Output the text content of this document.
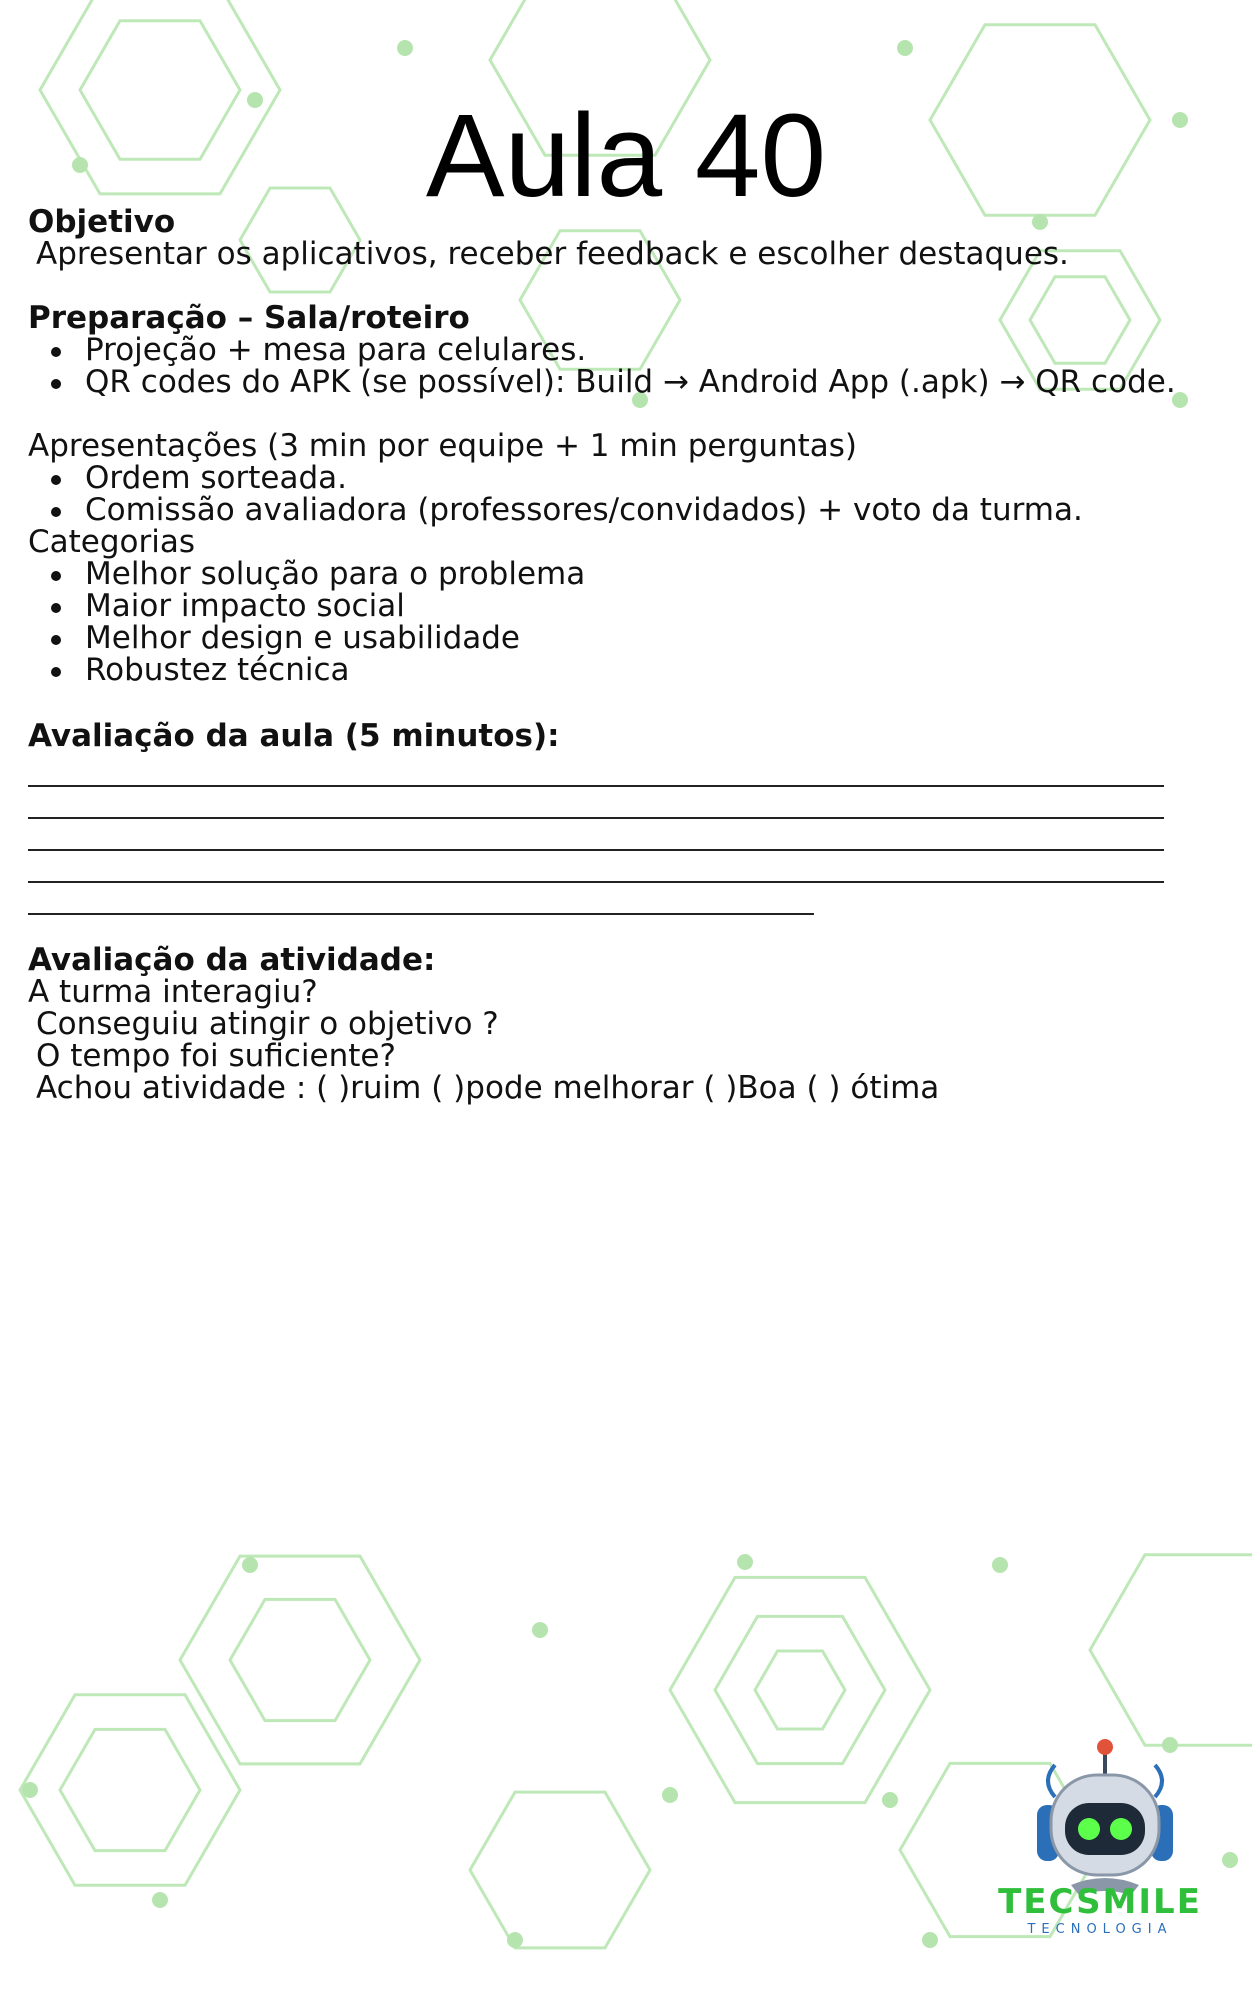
Aula 40
Objetivo
Apresentar os aplicativos, receber feedback e escolher destaques.
Preparação – Sala/roteiro
Projeção + mesa para celulares.
QR codes do APK (se possível): Build → Android App (.apk) → QR code.
Apresentações (3 min por equipe + 1 min perguntas)
Ordem sorteada.
Comissão avaliadora (professores/convidados) + voto da turma.
Categorias
Melhor solução para o problema
Maior impacto social
Melhor design e usabilidade
Robustez técnica
Avaliação da aula (5 minutos):
Avaliação da atividade:
A turma interagiu?
Conseguiu atingir o objetivo ?
O tempo foi suficiente?
Achou atividade : ( )ruim ( )pode melhorar ( )Boa ( ) ótima
TECSMILE
TECNOLOGIA
